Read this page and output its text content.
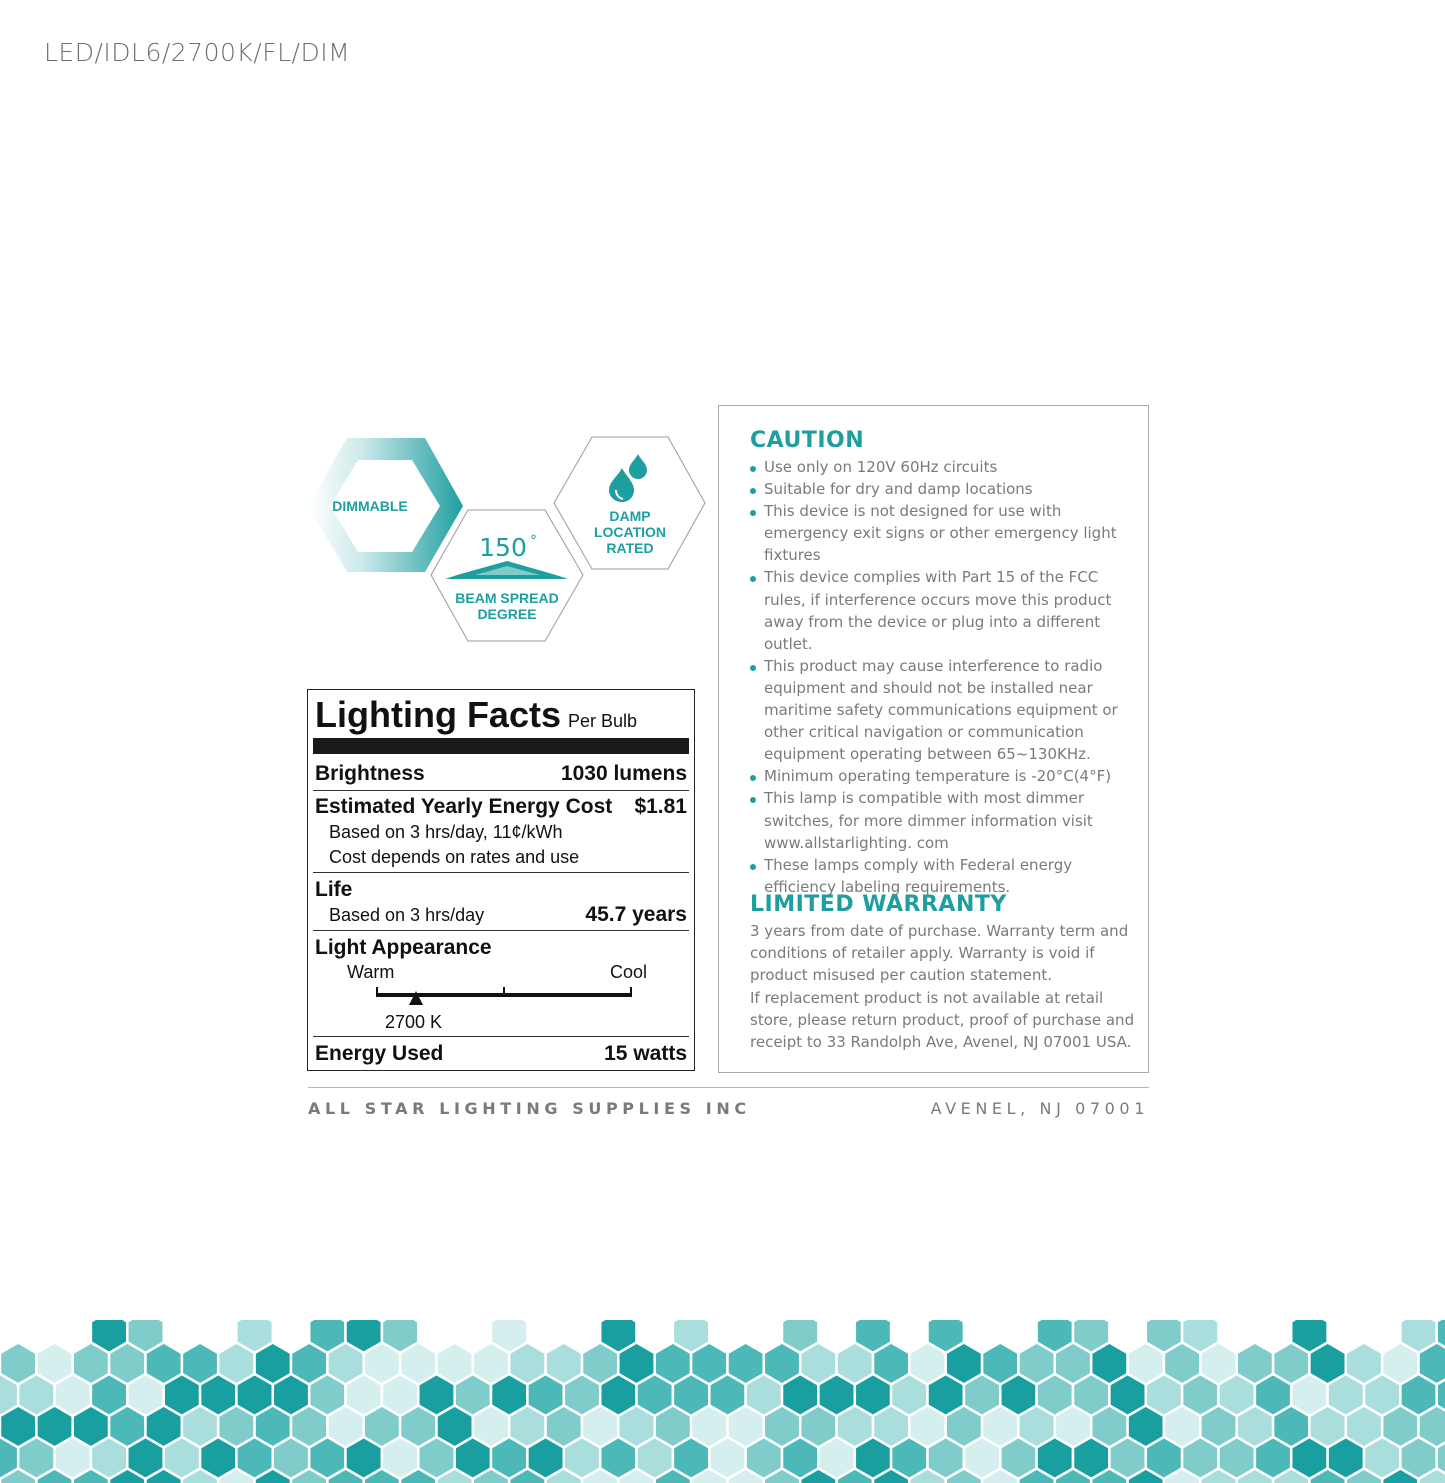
LED/IDL6/2700K/FL/DIM
DIMMABLE
150 °
BEAM SPREAD
DEGREE
DAMP
LOCATION
RATED
Lighting Facts Per Bulb
Brightness	1030 lumens
Estimated Yearly Energy Cost $1.81
Based on 3 hrs/day, 11¢/kWh
Cost depends on rates and use
Life
Based on 3 hrs/day	45.7 years
Light Appearance
Warm	Cool
2700 K
Energy Used	15 watts
CAUTION
Use only on 120V 60Hz circuits
Suitable for dry and damp locations
This device is not designed for use with emergency exit signs or other emergency light fixtures
This device complies with Part 15 of the FCC rules, if interference occurs move this product away from the device or plug into a different outlet.
This product may cause interference to radio equipment and should not be installed near maritime safety communications equipment or other critical navigation or communication equipment operating between 65~130KHz.
Minimum operating temperature is -20°C(4°F)
This lamp is compatible with most dimmer switches, for more dimmer information visit www.allstarlighting. com
These lamps comply with Federal energy efficiency labeling requirements.
LIMITED WARRANTY
3 years from date of purchase. Warranty term and conditions of retailer apply. Warranty is void if product misused per caution statement.
If replacement product is not available at retail store, please return product, proof of purchase and receipt to 33 Randolph Ave, Avenel, NJ 07001 USA.
ALL STAR LIGHTING SUPPLIES INC	AVENEL, NJ 07001
